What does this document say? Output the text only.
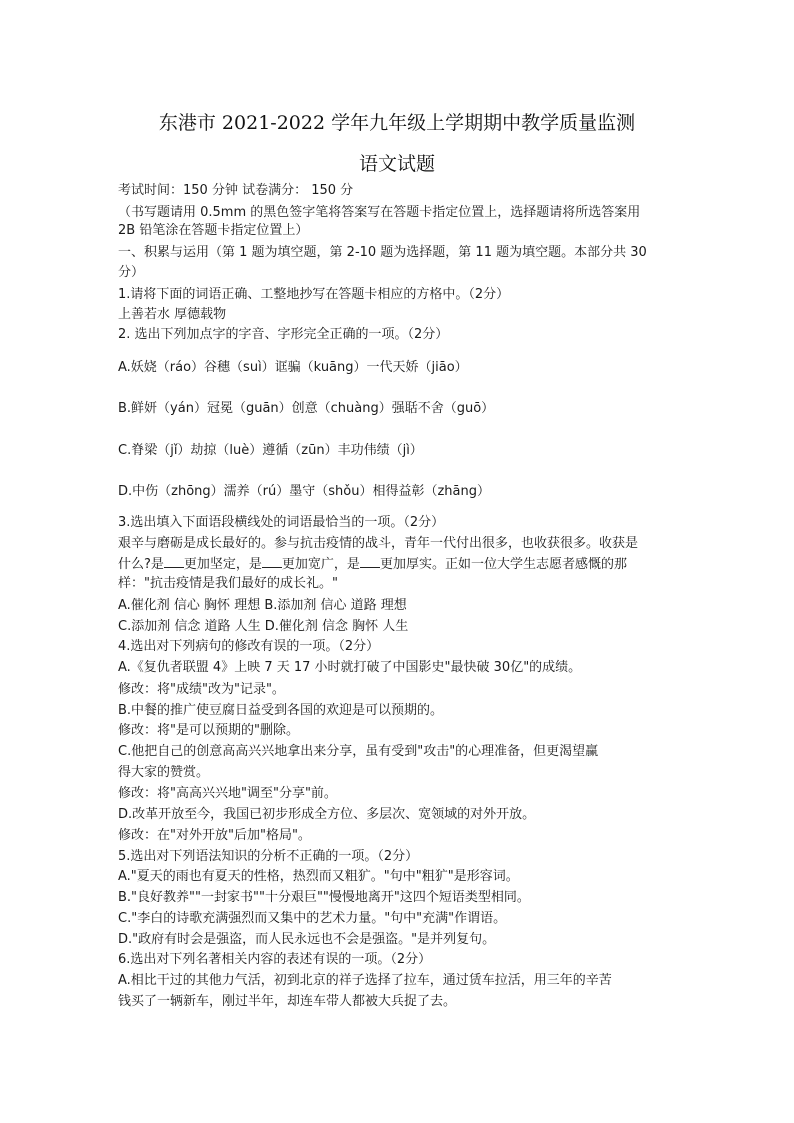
东港市 2021-2022 学年九年级上学期期中教学质量监测
语文试题
考试时间：150 分钟 试卷满分： 150 分
（书写题请用 0.5mm 的黑色签字笔将答案写在答题卡指定位置上，选择题请将所选答案用
2B 铅笔涂在答题卡指定位置上）
一、积累与运用（第 1 题为填空题，第 2-10 题为选择题，第 11 题为填空题。本部分共 30
分）
1.请将下面的词语正确、工整地抄写在答题卡相应的方格中。（2分）
上善若水 厚德载物
2. 选出下列加点字的字音、字形完全正确的一项。（2分）
A.妖娆（ráo）谷穗（suì）诓骗（kuāng）一代天娇（jiāo）
B.鲜妍（yán）冠冕（guān）创意（chuàng）强聒不舍（guō）
C.脊梁（jǐ）劫掠（luè）遵循（zūn）丰功伟绩（jì）
D.中伤（zhōng）濡养（rú）墨守（shǒu）相得益彰（zhāng）
3.选出填入下面语段横线处的词语最恰当的一项。（2分）
艰辛与磨砺是成长最好的。参与抗击疫情的战斗，青年一代付出很多，也收获很多。收获是
什么?是 更加坚定，是 更加宽广，是 更加厚实。正如一位大学生志愿者感慨的那
样："抗击疫情是我们最好的成长礼。"
A.催化剂 信心 胸怀 理想 B.添加剂 信心 道路 理想
C.添加剂 信念 道路 人生 D.催化剂 信念 胸怀 人生
4.选出对下列病句的修改有误的一项。（2分）
A.《复仇者联盟 4》上映 7 天 17 小时就打破了中国影史"最快破 30亿"的成绩。
修改：将"成绩"改为"记录"。
B.中餐的推广使豆腐日益受到各国的欢迎是可以预期的。
修改：将"是可以预期的"删除。
C.他把自己的创意高高兴兴地拿出来分享，虽有受到"攻击"的心理准备，但更渴望赢
得大家的赞赏。
修改：将"高高兴兴地"调至"分享"前。
D.改革开放至今，我国已初步形成全方位、多层次、宽领域的对外开放。
修改：在"对外开放"后加"格局"。
5.选出对下列语法知识的分析不正确的一项。（2分）
A."夏天的雨也有夏天的性格，热烈而又粗犷。"句中"粗犷"是形容词。
B."良好教养""一封家书""十分艰巨""慢慢地离开"这四个短语类型相同。
C."李白的诗歌充满强烈而又集中的艺术力量。"句中"充满"作谓语。
D."政府有时会是强盗，而人民永远也不会是强盗。"是并列复句。
6.选出对下列名著相关内容的表述有误的一项。（2分）
A.相比干过的其他力气活，初到北京的祥子选择了拉车，通过赁车拉活，用三年的辛苦
钱买了一辆新车，刚过半年，却连车带人都被大兵捉了去。
